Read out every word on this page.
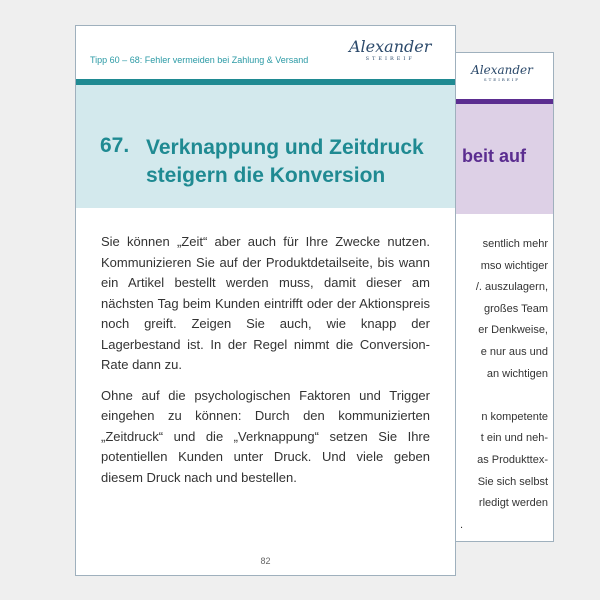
Alexander
STEIREIF
beit auf

sentlich mehr
mso wichtiger
/. auszulagern,
großes Team
er Denkweise,
e nur aus und
an wichtigen

n kompetente
t ein und neh-
as Produkttex-
Sie sich selbst
rledigt werden
.

Tipp 60 – 68: Fehler vermeiden bei Zahlung & Versand
Alexander
STEIREIF
67. Verknappung und Zeitdruck steigern die Konversion

Sie können „Zeit“ aber auch für Ihre Zwecke nutzen. Kommunizieren Sie auf der Produktdetailseite, bis wann ein Artikel bestellt werden muss, damit dieser am nächsten Tag beim Kunden eintrifft oder der Aktionspreis noch greift. Zeigen Sie auch, wie knapp der Lagerbestand ist. In der Regel nimmt die Conversion-Rate dann zu.

Ohne auf die psychologischen Faktoren und Trigger eingehen zu können: Durch den kommunizierten „Zeitdruck“ und die „Verknappung“ setzen Sie Ihre potentiellen Kunden unter Druck. Und viele geben diesem Druck nach und bestellen.

82
